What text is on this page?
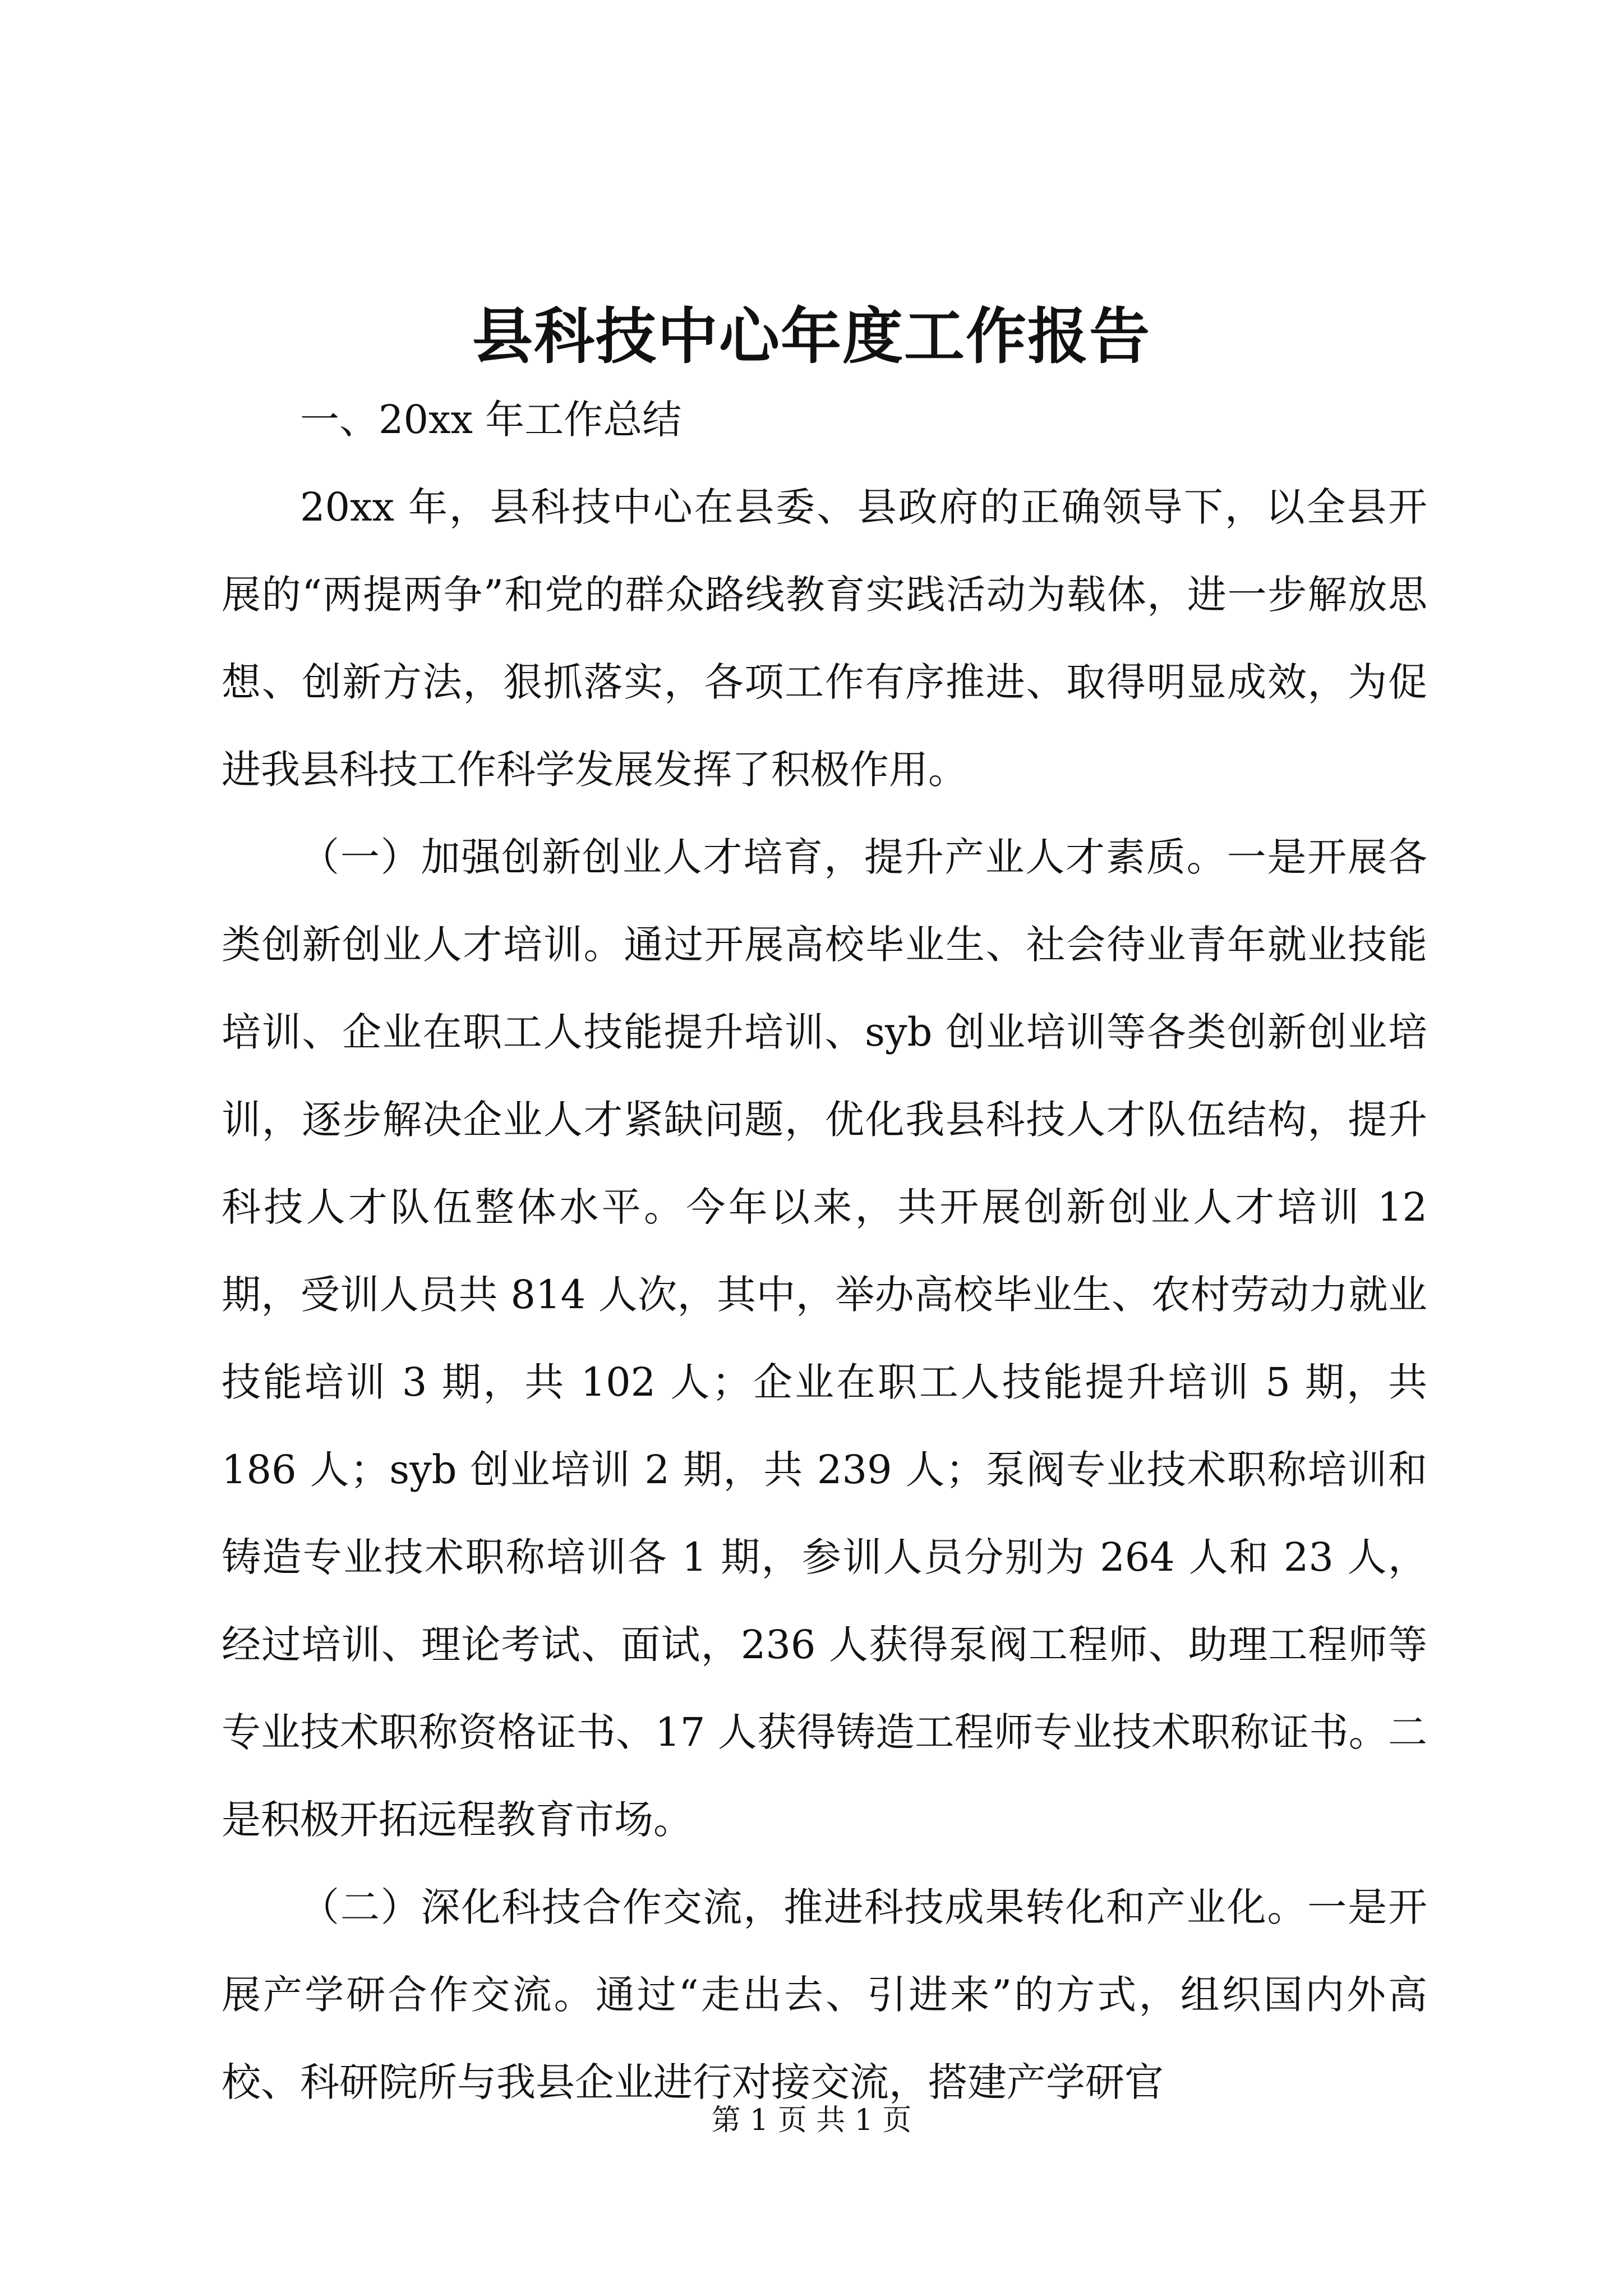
县科技中心年度工作报告

一、20xx 年工作总结

20xx 年，县科技中心在县委、县政府的正确领导下，以全县开展的“两提两争”和党的群众路线教育实践活动为载体，进一步解放思想、创新方法，狠抓落实，各项工作有序推进、取得明显成效，为促进我县科技工作科学发展发挥了积极作用。

（一）加强创新创业人才培育，提升产业人才素质。一是开展各类创新创业人才培训。通过开展高校毕业生、社会待业青年就业技能培训、企业在职工人技能提升培训、syb 创业培训等各类创新创业培训，逐步解决企业人才紧缺问题，优化我县科技人才队伍结构，提升科技人才队伍整体水平。今年以来，共开展创新创业人才培训 12 期，受训人员共 814 人次，其中，举办高校毕业生、农村劳动力就业技能培训 3 期，共 102 人；企业在职工人技能提升培训 5 期，共 186 人；syb 创业培训 2 期，共 239 人；泵阀专业技术职称培训和铸造专业技术职称培训各 1 期，参训人员分别为 264 人和 23 人，经过培训、理论考试、面试，236 人获得泵阀工程师、助理工程师等专业技术职称资格证书、17 人获得铸造工程师专业技术职称证书。二是积极开拓远程教育市场。

（二）深化科技合作交流，推进科技成果转化和产业化。一是开展产学研合作交流。通过“走出去、引进来”的方式，组织国内外高校、科研院所与我县企业进行对接交流，搭建产学研官

第 1 页 共 1 页
